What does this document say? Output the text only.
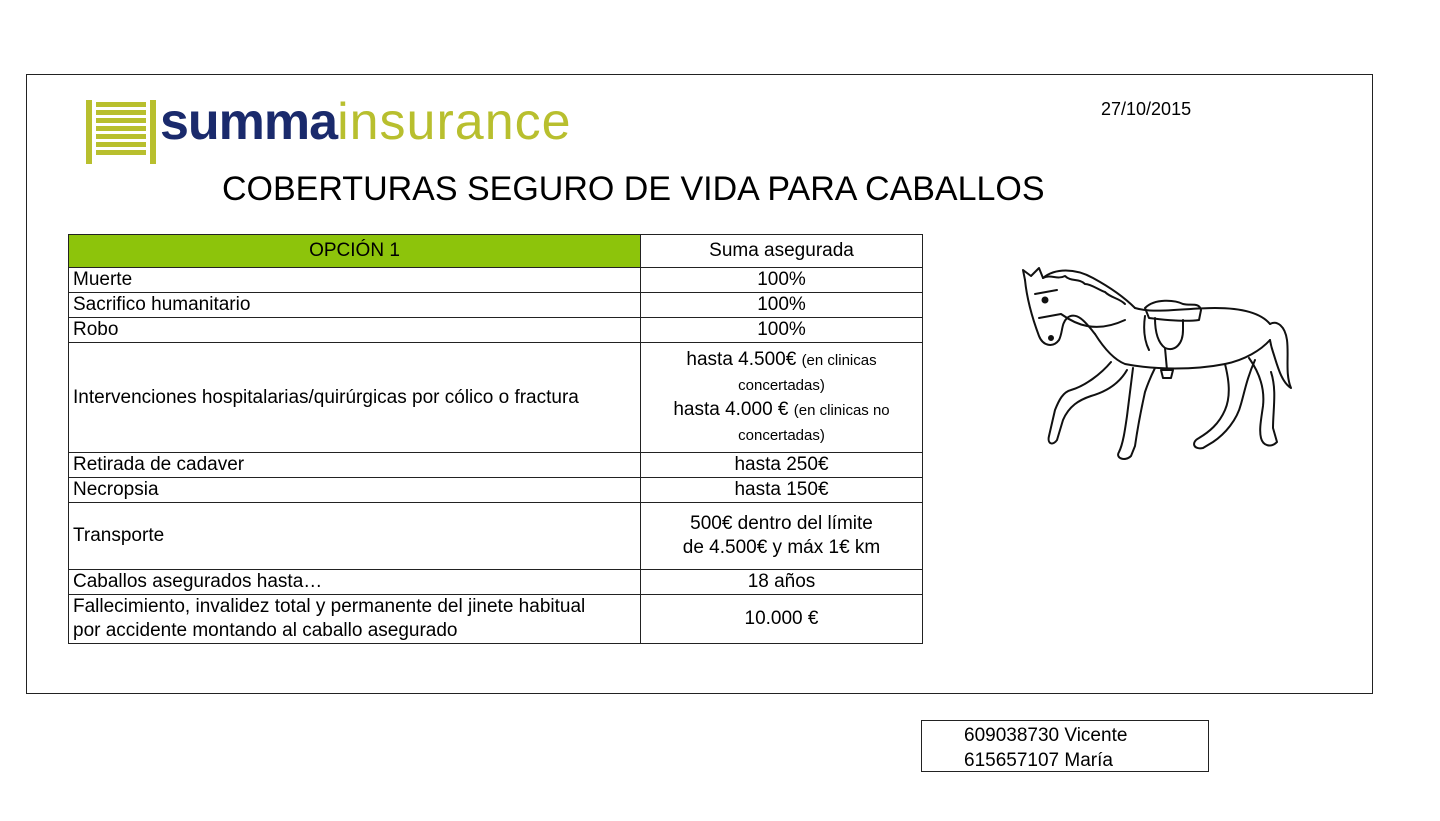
summainsurance	27/10/2015
COBERTURAS SEGURO DE VIDA PARA CABALLOS
OPCIÓN 1	Suma asegurada
Muerte	100%
Sacrifico humanitario	100%
Robo	100%
Intervenciones hospitalarias/quirúrgicas por cólico o fractura	hasta 4.500€ (en clinicas concertadas)
hasta 4.000 € (en clinicas no concertadas)
Retirada de cadaver	hasta 250€
Necropsia	hasta 150€
Transporte	500€ dentro del límite
de 4.500€ y máx 1€ km
Caballos asegurados hasta…	18 años
Fallecimiento, invalidez total y permanente del jinete habitual
por accidente montando al caballo asegurado	10.000 €
609038730 Vicente
615657107 María
